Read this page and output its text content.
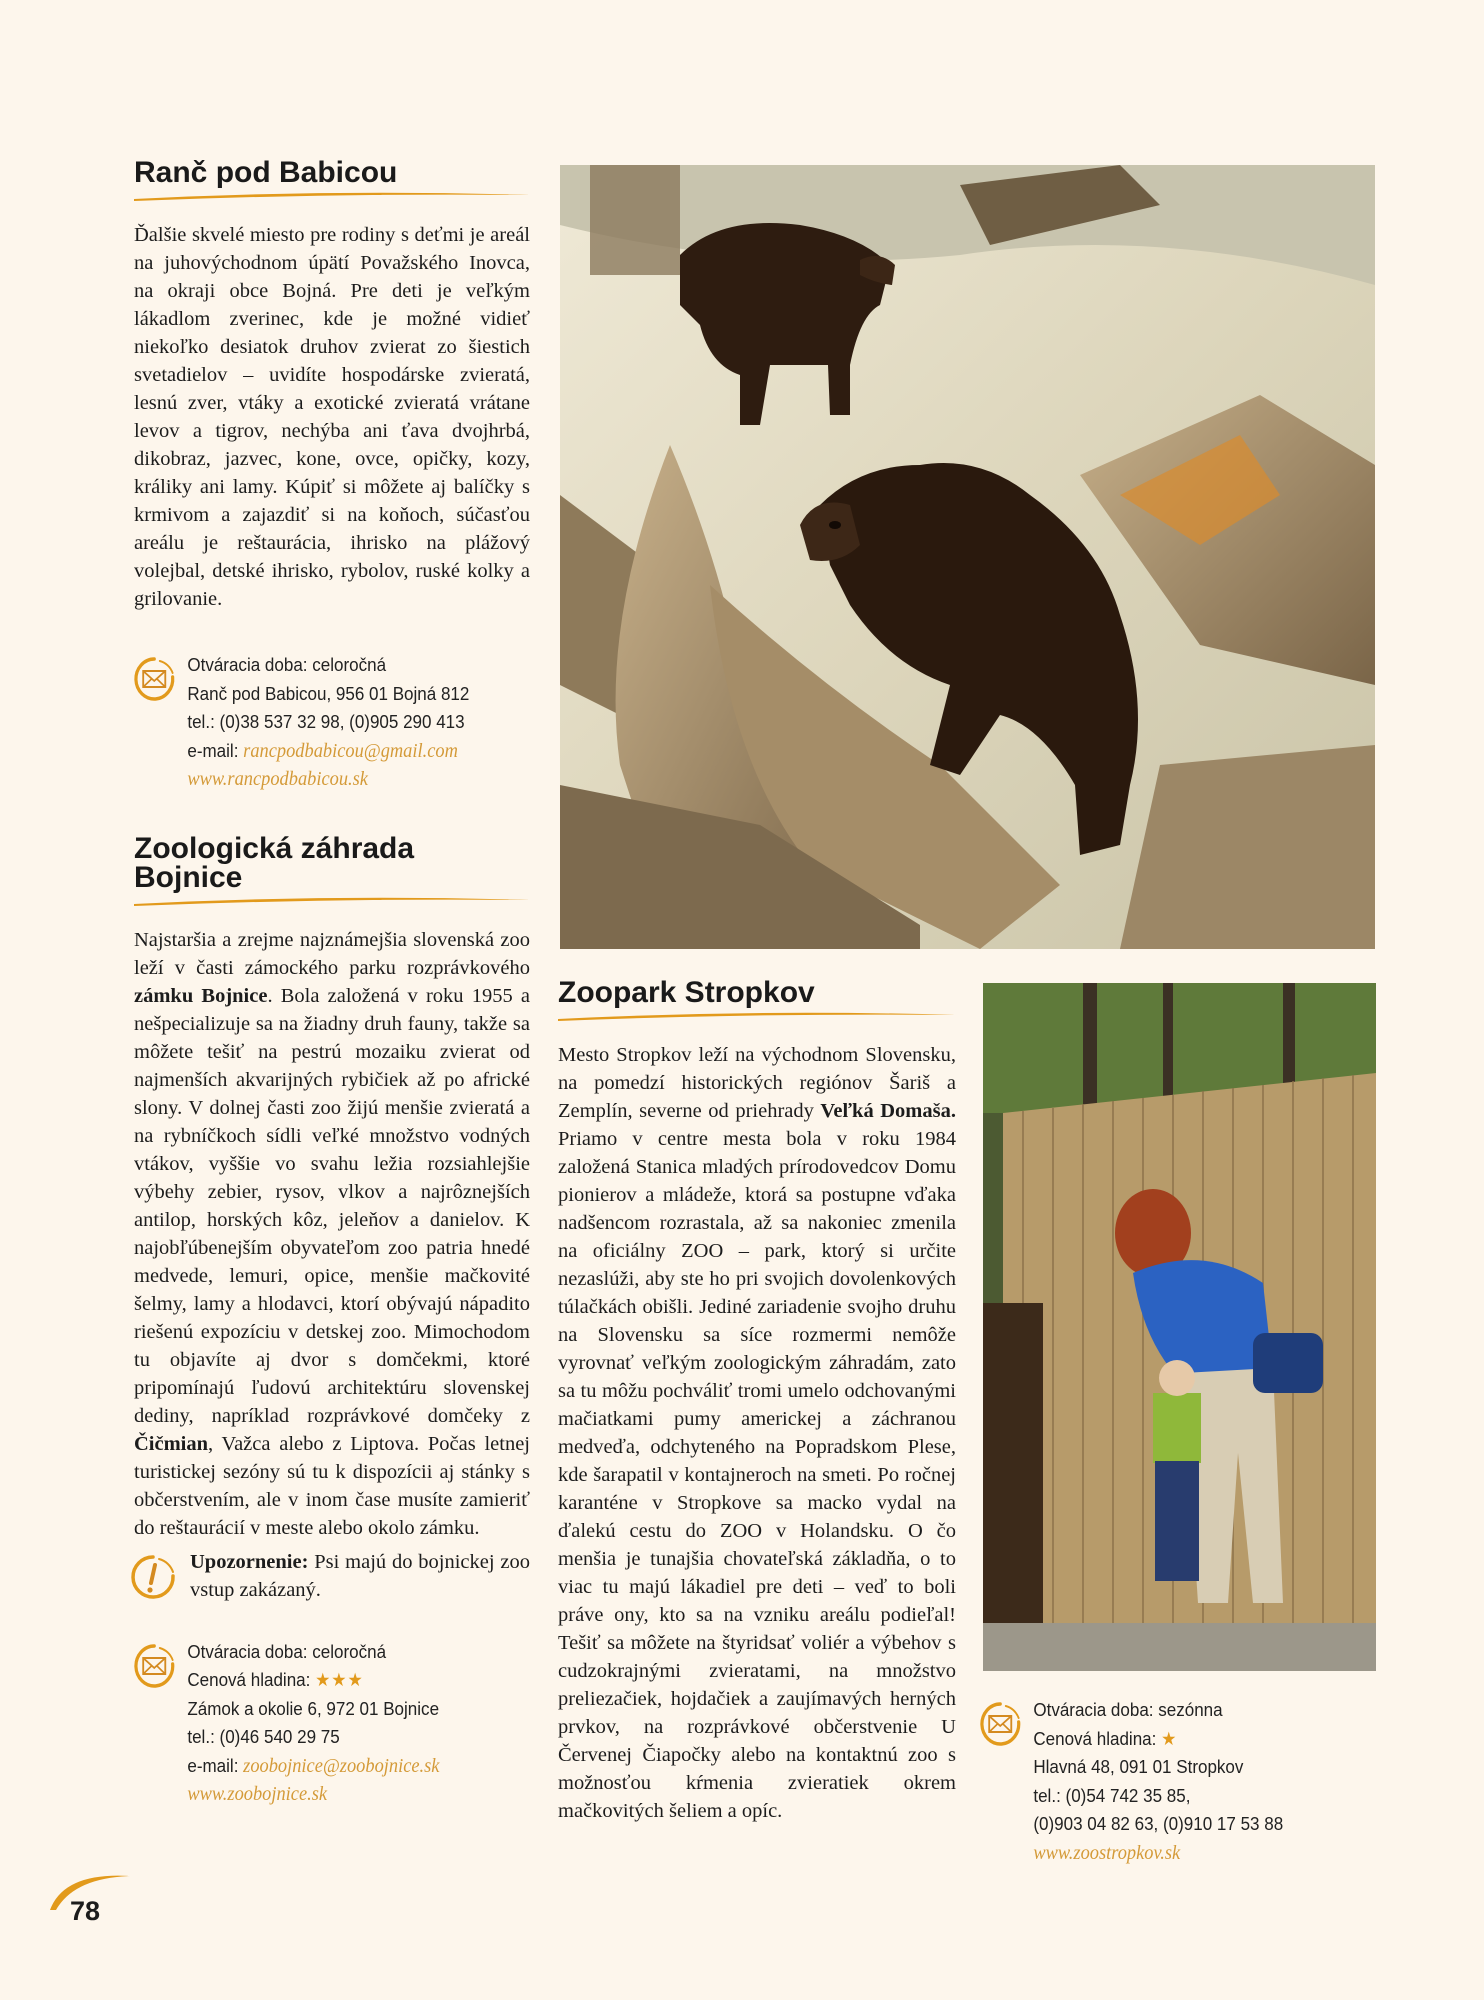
Ranč pod Babicou

Ďalšie skvelé miesto pre rodiny s deťmi je areál na juhovýchodnom úpätí Považského Inovca, na okraji obce Bojná. Pre deti je veľkým lákadlom zverinec, kde je možné vidieť niekoľko desiatok druhov zvierat zo šiestich svetadielov – uvidíte hospodárske zvieratá, lesnú zver, vtáky a exotické zvieratá vrátane levov a tigrov, nechýba ani ťava dvojhrbá, dikobraz, jazvec, kone, ovce, opičky, kozy, králiky ani lamy. Kúpiť si môžete aj balíčky s krmivom a zajazdiť si na koňoch, súčasťou areálu je reštaurácia, ihrisko na plážový volejbal, detské ihrisko, rybolov, ruské kolky a grilovanie.

Otváracia doba: celoročná
Ranč pod Babicou, 956 01 Bojná 812
tel.: (0)38 537 32 98, (0)905 290 413
e-mail: rancpodbabicou@gmail.com
www.rancpodbabicou.sk
Zoologická záhrada
Bojnice

Najstaršia a zrejme najznámejšia slovenská zoo leží v časti zámockého parku rozprávkového zámku Bojnice. Bola založená v roku 1955 a nešpecializuje sa na žiadny druh fauny, takže sa môžete tešiť na pestrú mozaiku zvierat od najmenších akvarijných rybičiek až po africké slony. V dolnej časti zoo žijú menšie zvieratá a na rybníčkoch sídli veľké množstvo vodných vtákov, vyššie vo svahu ležia rozsiahlejšie výbehy zebier, rysov, vlkov a najrôznejších antilop, horských kôz, jeleňov a danielov. K najobľúbenejším obyvateľom zoo patria hnedé medvede, lemuri, opice, menšie mačkovité šelmy, lamy a hlodavci, ktorí obývajú nápadito riešenú expozíciu v detskej zoo. Mimochodom tu objavíte aj dvor s domčekmi, ktoré pripomínajú ľudovú architektúru slovenskej dediny, napríklad rozprávkové domčeky z Čičmian, Važca alebo z Liptova. Počas letnej turistickej sezóny sú tu k dispozícii aj stánky s občerstvením, ale v inom čase musíte zamieriť do reštaurácií v meste alebo okolo zámku.

Upozornenie: Psi majú do bojnickej zoo vstup zakázaný.
Otváracia doba: celoročná
Cenová hladina: ★★★
Zámok a okolie 6, 972 01 Bojnice
tel.: (0)46 540 29 75
e-mail: zoobojnice@zoobojnice.sk
www.zoobojnice.sk
Zoopark Stropkov

Mesto Stropkov leží na východnom Slovensku, na pomedzí historických regiónov Šariš a Zemplín, severne od priehrady Veľká Domaša. Priamo v centre mesta bola v roku 1984 založená Stanica mladých prírodovedcov Domu pionierov a mládeže, ktorá sa postupne vďaka nadšencom rozrastala, až sa nakoniec zmenila na oficiálny ZOO – park, ktorý si určite nezaslúži, aby ste ho pri svojich dovolenkových túlačkách obišli. Jediné zariadenie svojho druhu na Slovensku sa síce rozmermi nemôže vyrovnať veľkým zoologickým záhradám, zato sa tu môžu pochváliť tromi umelo odchovanými mačiatkami pumy americkej a záchranou medveďa, odchyteného na Popradskom Plese, kde šarapatil v kontajneroch na smeti. Po ročnej karanténe v Stropkove sa macko vydal na ďalekú cestu do ZOO v Holandsku. O čo menšia je tunajšia chovateľská základňa, o to viac tu majú lákadiel pre deti – veď to boli práve ony, kto sa na vzniku areálu podieľal! Tešiť sa môžete na štyridsať voliér a výbehov s cudzokrajnými zvieratami, na množstvo preliezačiek, hojdačiek a zaujímavých herných prvkov, na rozprávkové občerstvenie U Červenej Čiapočky alebo na kontaktnú zoo s možnosťou kŕmenia zvieratiek okrem mačkovitých šeliem a opíc.

Otváracia doba: sezónna
Cenová hladina: ★
Hlavná 48, 091 01 Stropkov
tel.: (0)54 742 35 85,
(0)903 04 82 63, (0)910 17 53 88
www.zoostropkov.sk
78
